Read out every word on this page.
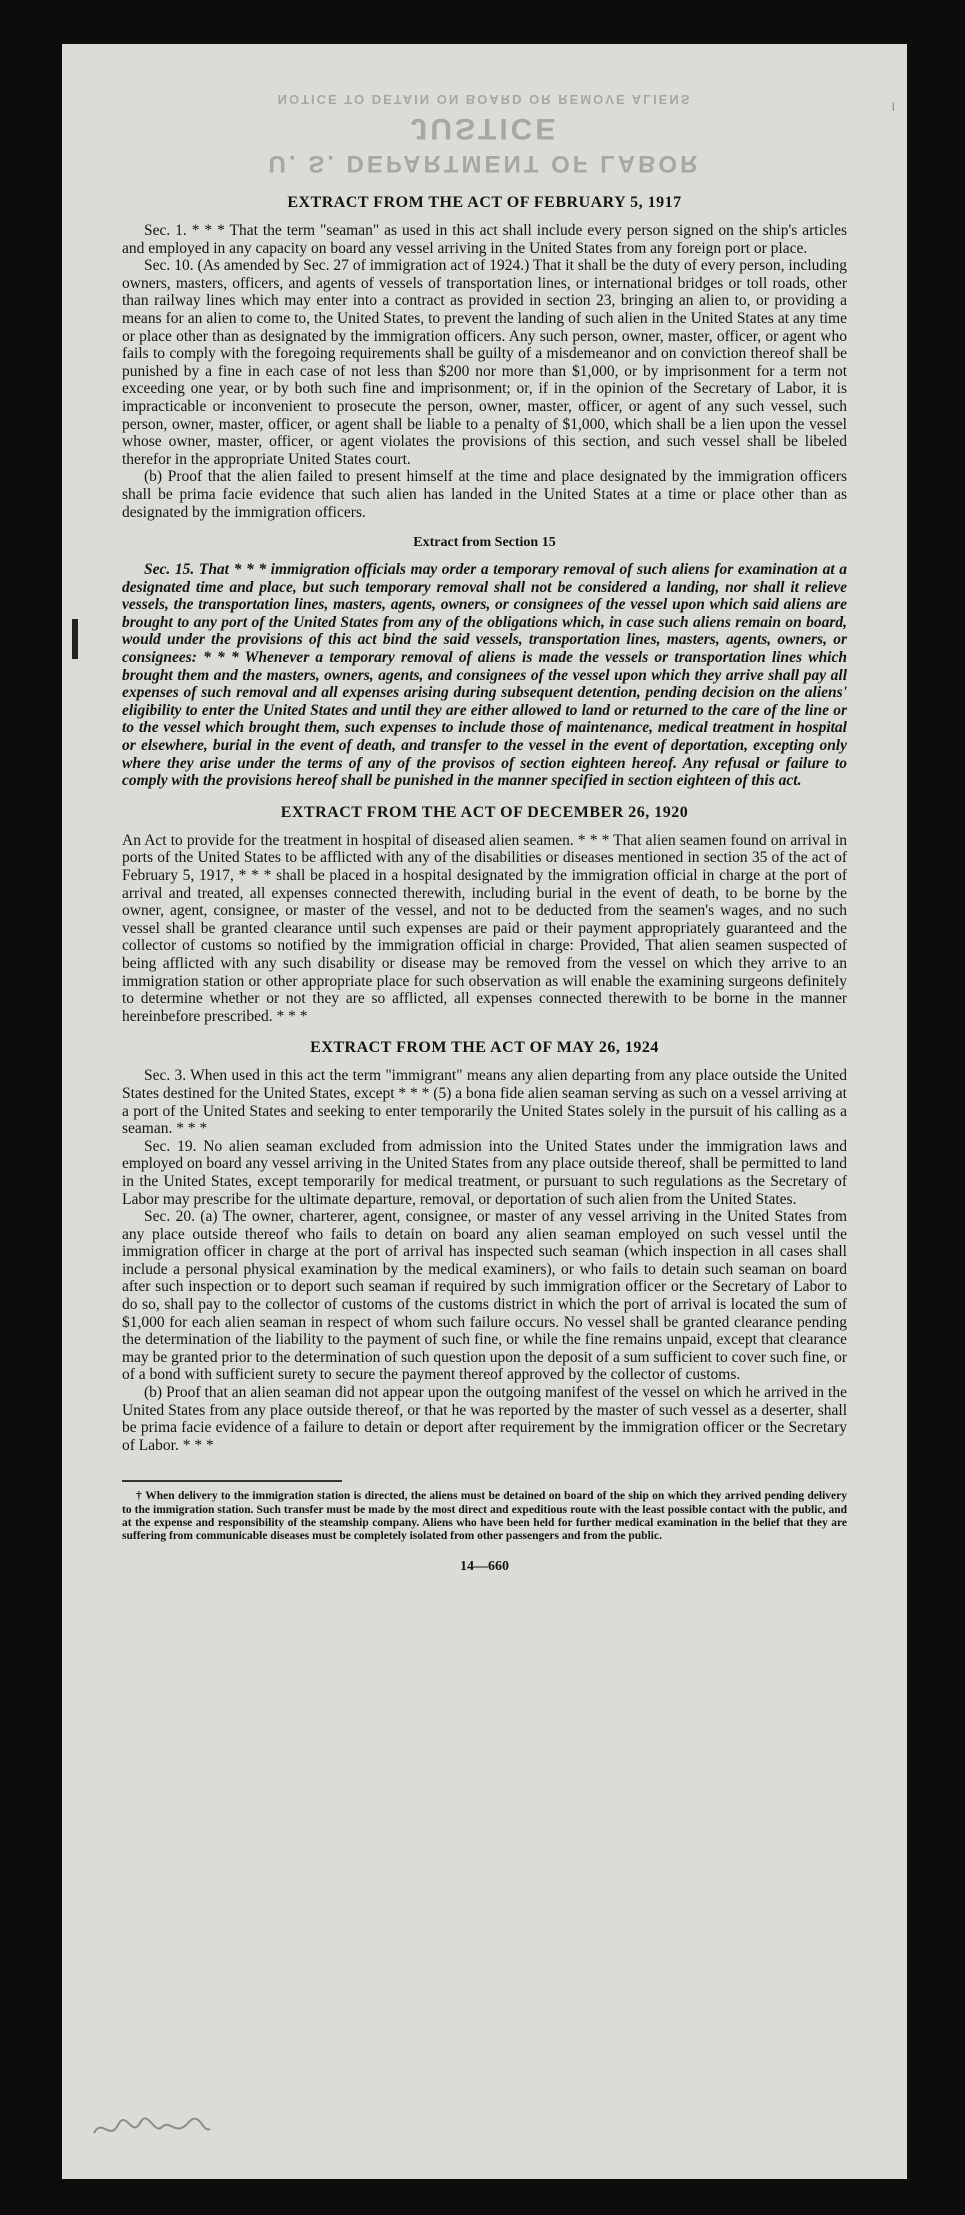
NOTICE TO DETAIN ON BOARD OR REMOVE ALIENS
JUSTICE
U. S. DEPARTMENT OF LABOR
I
EXTRACT FROM THE ACT OF FEBRUARY 5, 1917

Sec. 1. * * * That the term "seaman" as used in this act shall include every person signed on the ship's articles and employed in any capacity on board any vessel arriving in the United States from any foreign port or place.

Sec. 10. (As amended by Sec. 27 of immigration act of 1924.) That it shall be the duty of every person, including owners, masters, officers, and agents of vessels of transportation lines, or international bridges or toll roads, other than railway lines which may enter into a contract as provided in section 23, bringing an alien to, or providing a means for an alien to come to, the United States, to prevent the landing of such alien in the United States at any time or place other than as designated by the immigration officers. Any such person, owner, master, officer, or agent who fails to comply with the foregoing requirements shall be guilty of a misdemeanor and on conviction thereof shall be punished by a fine in each case of not less than $200 nor more than $1,000, or by imprisonment for a term not exceeding one year, or by both such fine and imprisonment; or, if in the opinion of the Secretary of Labor, it is impracticable or inconvenient to prosecute the person, owner, master, officer, or agent of any such vessel, such person, owner, master, officer, or agent shall be liable to a penalty of $1,000, which shall be a lien upon the vessel whose owner, master, officer, or agent violates the provisions of this section, and such vessel shall be libeled therefor in the appropriate United States court.

(b) Proof that the alien failed to present himself at the time and place designated by the immigration officers shall be prima facie evidence that such alien has landed in the United States at a time or place other than as designated by the immigration officers.

Extract from Section 15

Sec. 15. That * * * immigration officials may order a temporary removal of such aliens for examination at a designated time and place, but such temporary removal shall not be considered a landing, nor shall it relieve vessels, the transportation lines, masters, agents, owners, or consignees of the vessel upon which said aliens are brought to any port of the United States from any of the obligations which, in case such aliens remain on board, would under the provisions of this act bind the said vessels, transportation lines, masters, agents, owners, or consignees: * * * Whenever a temporary removal of aliens is made the vessels or transportation lines which brought them and the masters, owners, agents, and consignees of the vessel upon which they arrive shall pay all expenses of such removal and all expenses arising during subsequent detention, pending decision on the aliens' eligibility to enter the United States and until they are either allowed to land or returned to the care of the line or to the vessel which brought them, such expenses to include those of maintenance, medical treatment in hospital or elsewhere, burial in the event of death, and transfer to the vessel in the event of deportation, excepting only where they arise under the terms of any of the provisos of section eighteen hereof. Any refusal or failure to comply with the provisions hereof shall be punished in the manner specified in section eighteen of this act.

EXTRACT FROM THE ACT OF DECEMBER 26, 1920

An Act to provide for the treatment in hospital of diseased alien seamen. * * * That alien seamen found on arrival in ports of the United States to be afflicted with any of the disabilities or diseases mentioned in section 35 of the act of February 5, 1917, * * * shall be placed in a hospital designated by the immigration official in charge at the port of arrival and treated, all expenses connected therewith, including burial in the event of death, to be borne by the owner, agent, consignee, or master of the vessel, and not to be deducted from the seamen's wages, and no such vessel shall be granted clearance until such expenses are paid or their payment appropriately guaranteed and the collector of customs so notified by the immigration official in charge: Provided, That alien seamen suspected of being afflicted with any such disability or disease may be removed from the vessel on which they arrive to an immigration station or other appropriate place for such observation as will enable the examining surgeons definitely to determine whether or not they are so afflicted, all expenses connected therewith to be borne in the manner hereinbefore prescribed. * * *

EXTRACT FROM THE ACT OF MAY 26, 1924

Sec. 3. When used in this act the term "immigrant" means any alien departing from any place outside the United States destined for the United States, except * * * (5) a bona fide alien seaman serving as such on a vessel arriving at a port of the United States and seeking to enter temporarily the United States solely in the pursuit of his calling as a seaman. * * *

Sec. 19. No alien seaman excluded from admission into the United States under the immigration laws and employed on board any vessel arriving in the United States from any place outside thereof, shall be permitted to land in the United States, except temporarily for medical treatment, or pursuant to such regulations as the Secretary of Labor may prescribe for the ultimate departure, removal, or deportation of such alien from the United States.

Sec. 20. (a) The owner, charterer, agent, consignee, or master of any vessel arriving in the United States from any place outside thereof who fails to detain on board any alien seaman employed on such vessel until the immigration officer in charge at the port of arrival has inspected such seaman (which inspection in all cases shall include a personal physical examination by the medical examiners), or who fails to detain such seaman on board after such inspection or to deport such seaman if required by such immigration officer or the Secretary of Labor to do so, shall pay to the collector of customs of the customs district in which the port of arrival is located the sum of $1,000 for each alien seaman in respect of whom such failure occurs. No vessel shall be granted clearance pending the determination of the liability to the payment of such fine, or while the fine remains unpaid, except that clearance may be granted prior to the determination of such question upon the deposit of a sum sufficient to cover such fine, or of a bond with sufficient surety to secure the payment thereof approved by the collector of customs.

(b) Proof that an alien seaman did not appear upon the outgoing manifest of the vessel on which he arrived in the United States from any place outside thereof, or that he was reported by the master of such vessel as a deserter, shall be prima facie evidence of a failure to detain or deport after requirement by the immigration officer or the Secretary of Labor. * * *

† When delivery to the immigration station is directed, the aliens must be detained on board of the ship on which they arrived pending delivery to the immigration station. Such transfer must be made by the most direct and expeditious route with the least possible contact with the public, and at the expense and responsibility of the steamship company. Aliens who have been held for further medical examination in the belief that they are suffering from communicable diseases must be completely isolated from other passengers and from the public.

14—660
